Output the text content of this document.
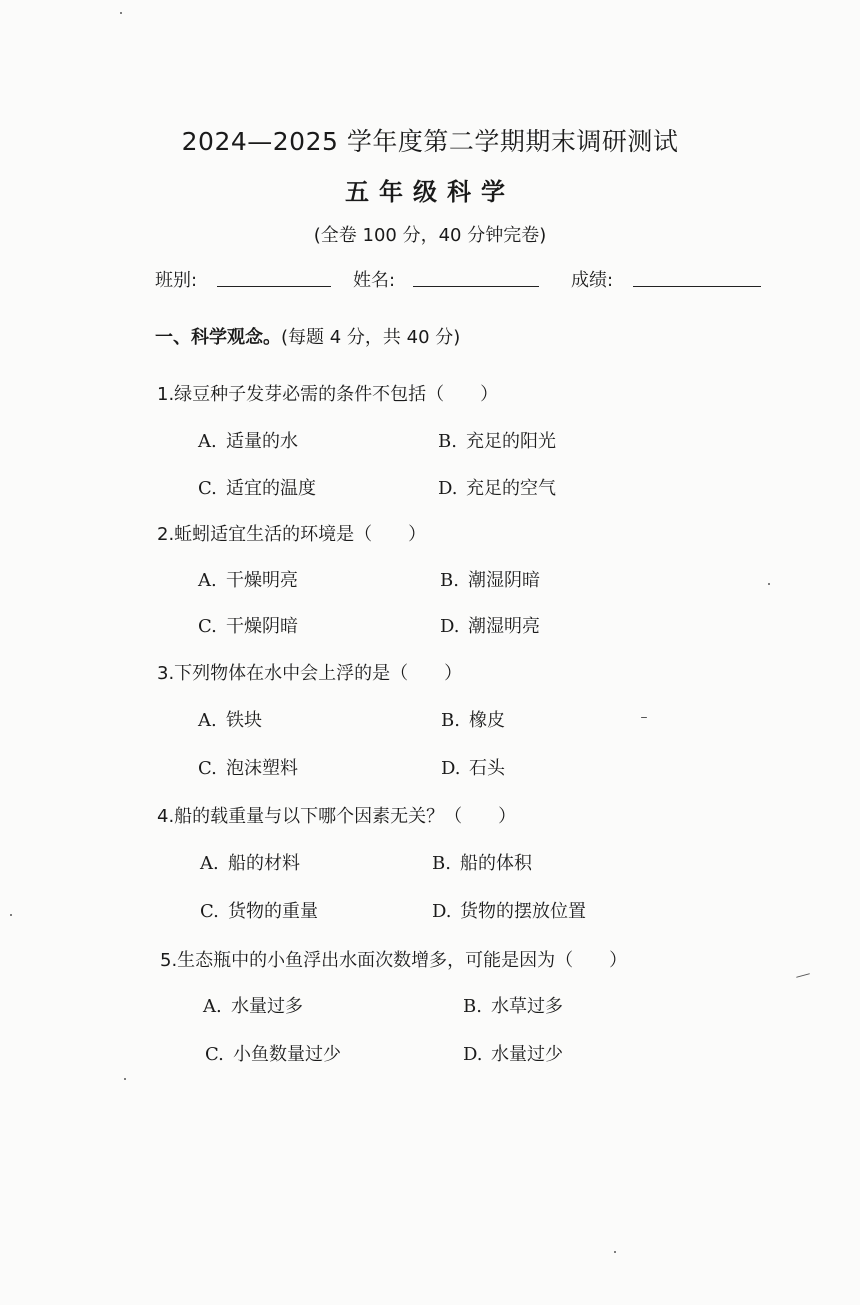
2024—2025 学年度第二学期期末调研测试
五年级科学
(全卷 100 分，40 分钟完卷)
班别:	姓名:	成绩:
一、科学观念。(每题 4 分，共 40 分)
1.绿豆种子发芽必需的条件不包括（　　）
A. 适量的水	B. 充足的阳光
C. 适宜的温度	D. 充足的空气
2.蚯蚓适宜生活的环境是（　　）
A. 干燥明亮	B. 潮湿阴暗
C. 干燥阴暗	D. 潮湿明亮
3.下列物体在水中会上浮的是（　　）
A. 铁块	B. 橡皮
C. 泡沫塑料	D. 石头
4.船的载重量与以下哪个因素无关？（　　）
A. 船的材料	B. 船的体积
C. 货物的重量	D. 货物的摆放位置
5.生态瓶中的小鱼浮出水面次数增多，可能是因为（　　）
A. 水量过多	B. 水草过多
C. 小鱼数量过少	D. 水量过少
